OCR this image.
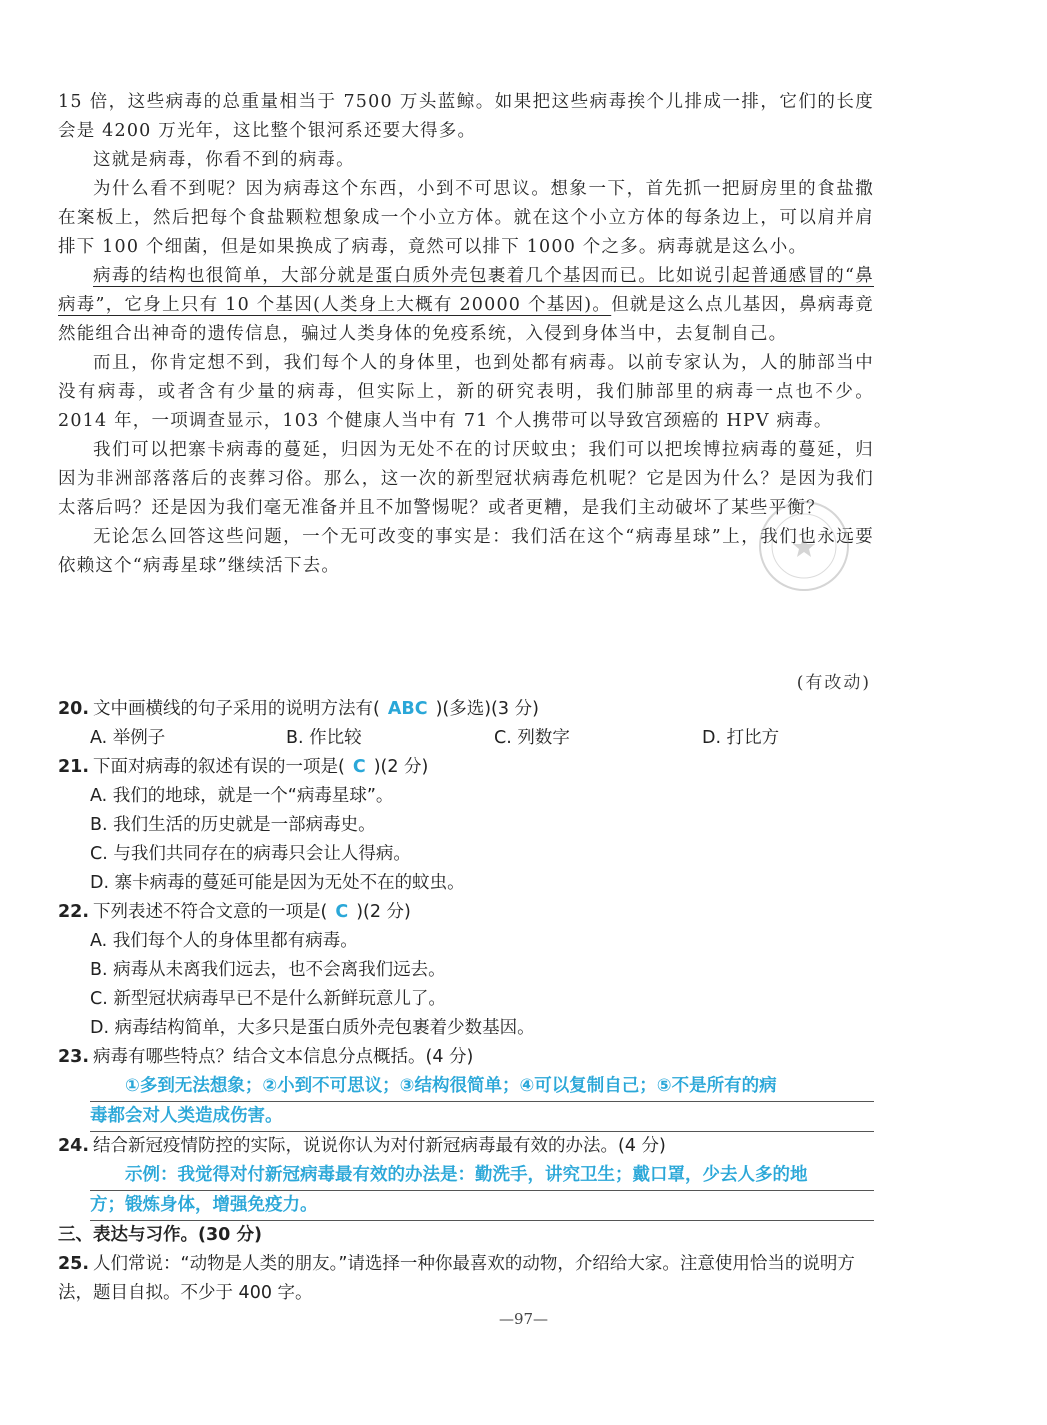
15 倍，这些病毒的总重量相当于 7500 万头蓝鲸。如果把这些病毒挨个儿排成一排，它们的长度会是 4200 万光年，这比整个银河系还要大得多。

这就是病毒，你看不到的病毒。

为什么看不到呢？因为病毒这个东西，小到不可思议。想象一下，首先抓一把厨房里的食盐撒在案板上，然后把每个食盐颗粒想象成一个小立方体。就在这个小立方体的每条边上，可以肩并肩排下 100 个细菌，但是如果换成了病毒，竟然可以排下 1000 个之多。病毒就是这么小。

病毒的结构也很简单，大部分就是蛋白质外壳包裹着几个基因而已。比如说引起普通感冒的“鼻病毒”，它身上只有 10 个基因(人类身上大概有 20000 个基因)。但就是这么点儿基因，鼻病毒竟然能组合出神奇的遗传信息，骗过人类身体的免疫系统，入侵到身体当中，去复制自己。

而且，你肯定想不到，我们每个人的身体里，也到处都有病毒。以前专家认为，人的肺部当中没有病毒，或者含有少量的病毒，但实际上，新的研究表明，我们肺部里的病毒一点也不少。2014 年，一项调查显示，103 个健康人当中有 71 个人携带可以导致宫颈癌的 HPV 病毒。

我们可以把寨卡病毒的蔓延，归因为无处不在的讨厌蚊虫；我们可以把埃博拉病毒的蔓延，归因为非洲部落落后的丧葬习俗。那么，这一次的新型冠状病毒危机呢？它是因为什么？是因为我们太落后吗？还是因为我们毫无准备并且不加警惕呢？或者更糟，是我们主动破坏了某些平衡？

无论怎么回答这些问题，一个无可改变的事实是：我们活在这个“病毒星球”上，我们也永远要依赖这个“病毒星球”继续活下去。

(有改动)
20. 文中画横线的句子采用的说明方法有( ABC )(多选)(3 分)
A. 举例子	B. 作比较	C. 列数字	D. 打比方
21. 下面对病毒的叙述有误的一项是( C )(2 分)
A. 我们的地球，就是一个“病毒星球”。
B. 我们生活的历史就是一部病毒史。
C. 与我们共同存在的病毒只会让人得病。
D. 寨卡病毒的蔓延可能是因为无处不在的蚊虫。
22. 下列表述不符合文意的一项是( C )(2 分)
A. 我们每个人的身体里都有病毒。
B. 病毒从未离我们远去，也不会离我们远去。
C. 新型冠状病毒早已不是什么新鲜玩意儿了。
D. 病毒结构简单，大多只是蛋白质外壳包裹着少数基因。
23. 病毒有哪些特点？结合文本信息分点概括。(4 分)
①多到无法想象；②小到不可思议；③结构很简单；④可以复制自己；⑤不是所有的病
毒都会对人类造成伤害。
24. 结合新冠疫情防控的实际，说说你认为对付新冠病毒最有效的办法。(4 分)
示例：我觉得对付新冠病毒最有效的办法是：勤洗手，讲究卫生；戴口罩，少去人多的地
方；锻炼身体，增强免疫力。
三、表达与习作。(30 分)
25. 人们常说：“动物是人类的朋友。”请选择一种你最喜欢的动物，介绍给大家。注意使用恰当的说明方法，题目自拟。不少于 400 字。
—97—
